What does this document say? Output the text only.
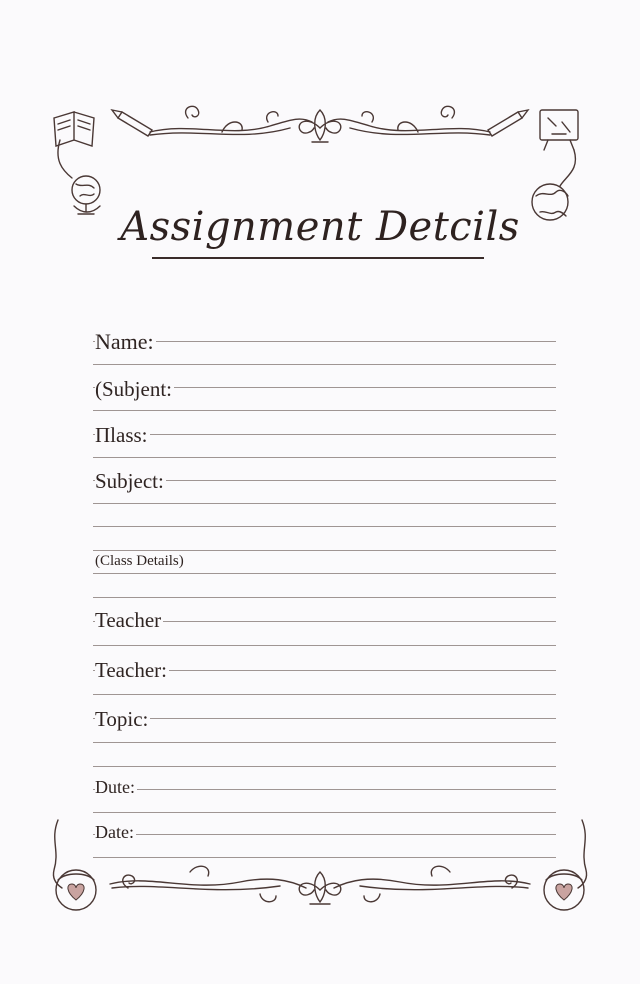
Assignment Detcils
Name:
(Subjent:
Πlass:
Subject:
(Class Details)
Teacher
Teacher:
Topic:
Dute:
Date:
